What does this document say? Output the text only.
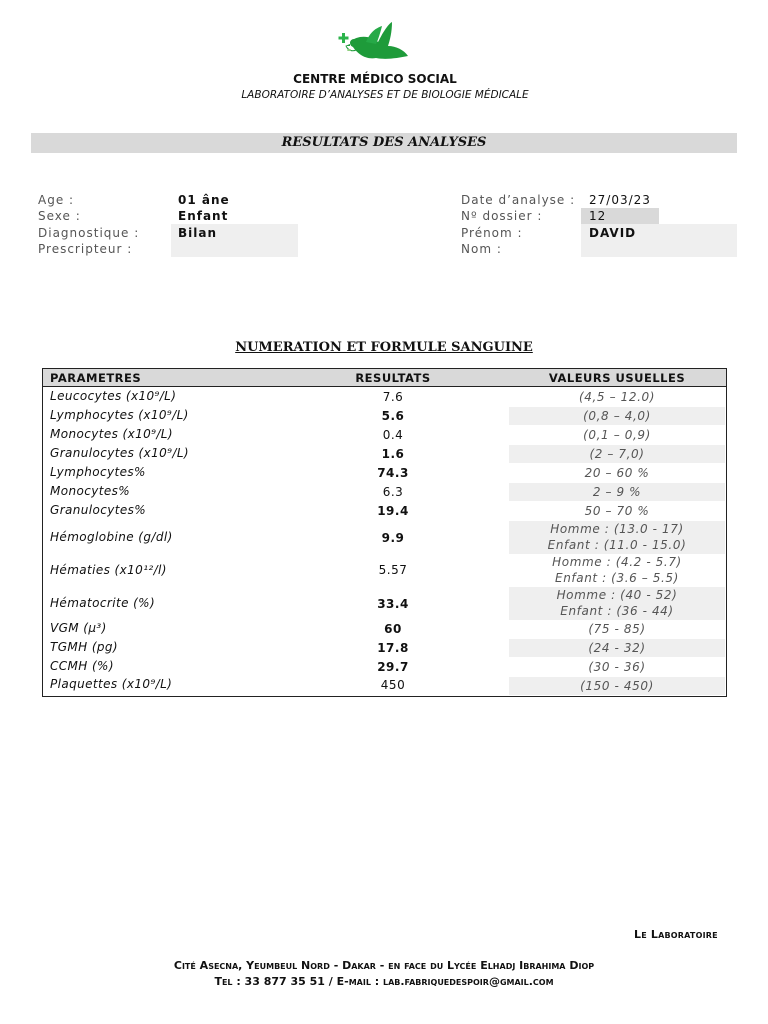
CENTRE MÉDICO SOCIAL
LABORATOIRE D’ANALYSES ET DE BIOLOGIE MÉDICALE
RESULTATS DES ANALYSES
Age :	01 âne
Sexe :	Enfant
Diagnostique :	Bilan
Prescripteur :
Date d’analyse : 27/03/23
Nº dossier :	12
Prénom :	DAVID
Nom :
NUMERATION ET FORMULE SANGUINE
PARAMETRES	RESULTATS	VALEURS USUELLES
Leucocytes (x10⁹/L)	7.6	(4,5 – 12.0)
Lymphocytes (x10⁹/L)	5.6	(0,8 – 4,0)
Monocytes (x10⁹/L)	0.4	(0,1 – 0,9)
Granulocytes (x10⁹/L)	1.6	(2 – 7,0)
Lymphocytes%	74.3	20 – 60 %
Monocytes%	6.3	2 – 9 %
Granulocytes%	19.4	50 – 70 %
Hémoglobine (g/dl)	9.9
Homme : (13.0 - 17)
Enfant : (11.0 - 15.0)
Hématies (x10¹²/l)	5.57
Homme : (4.2 - 5.7)
Enfant : (3.6 – 5.5)
Hématocrite (%)	33.4
Homme : (40 - 52)
Enfant : (36 - 44)
VGM (µ³)	60	(75 - 85)
TGMH (pg)	17.8	(24 - 32)
CCMH (%)	29.7	(30 - 36)
Plaquettes (x10⁹/L)	450	(150 - 450)
Le Laboratoire
Cité Asecna, Yeumbeul Nord - Dakar - en face du Lycée Elhadj Ibrahima Diop
Tel : 33 877 35 51 / E-mail : lab.fabriquedespoir@gmail.com
